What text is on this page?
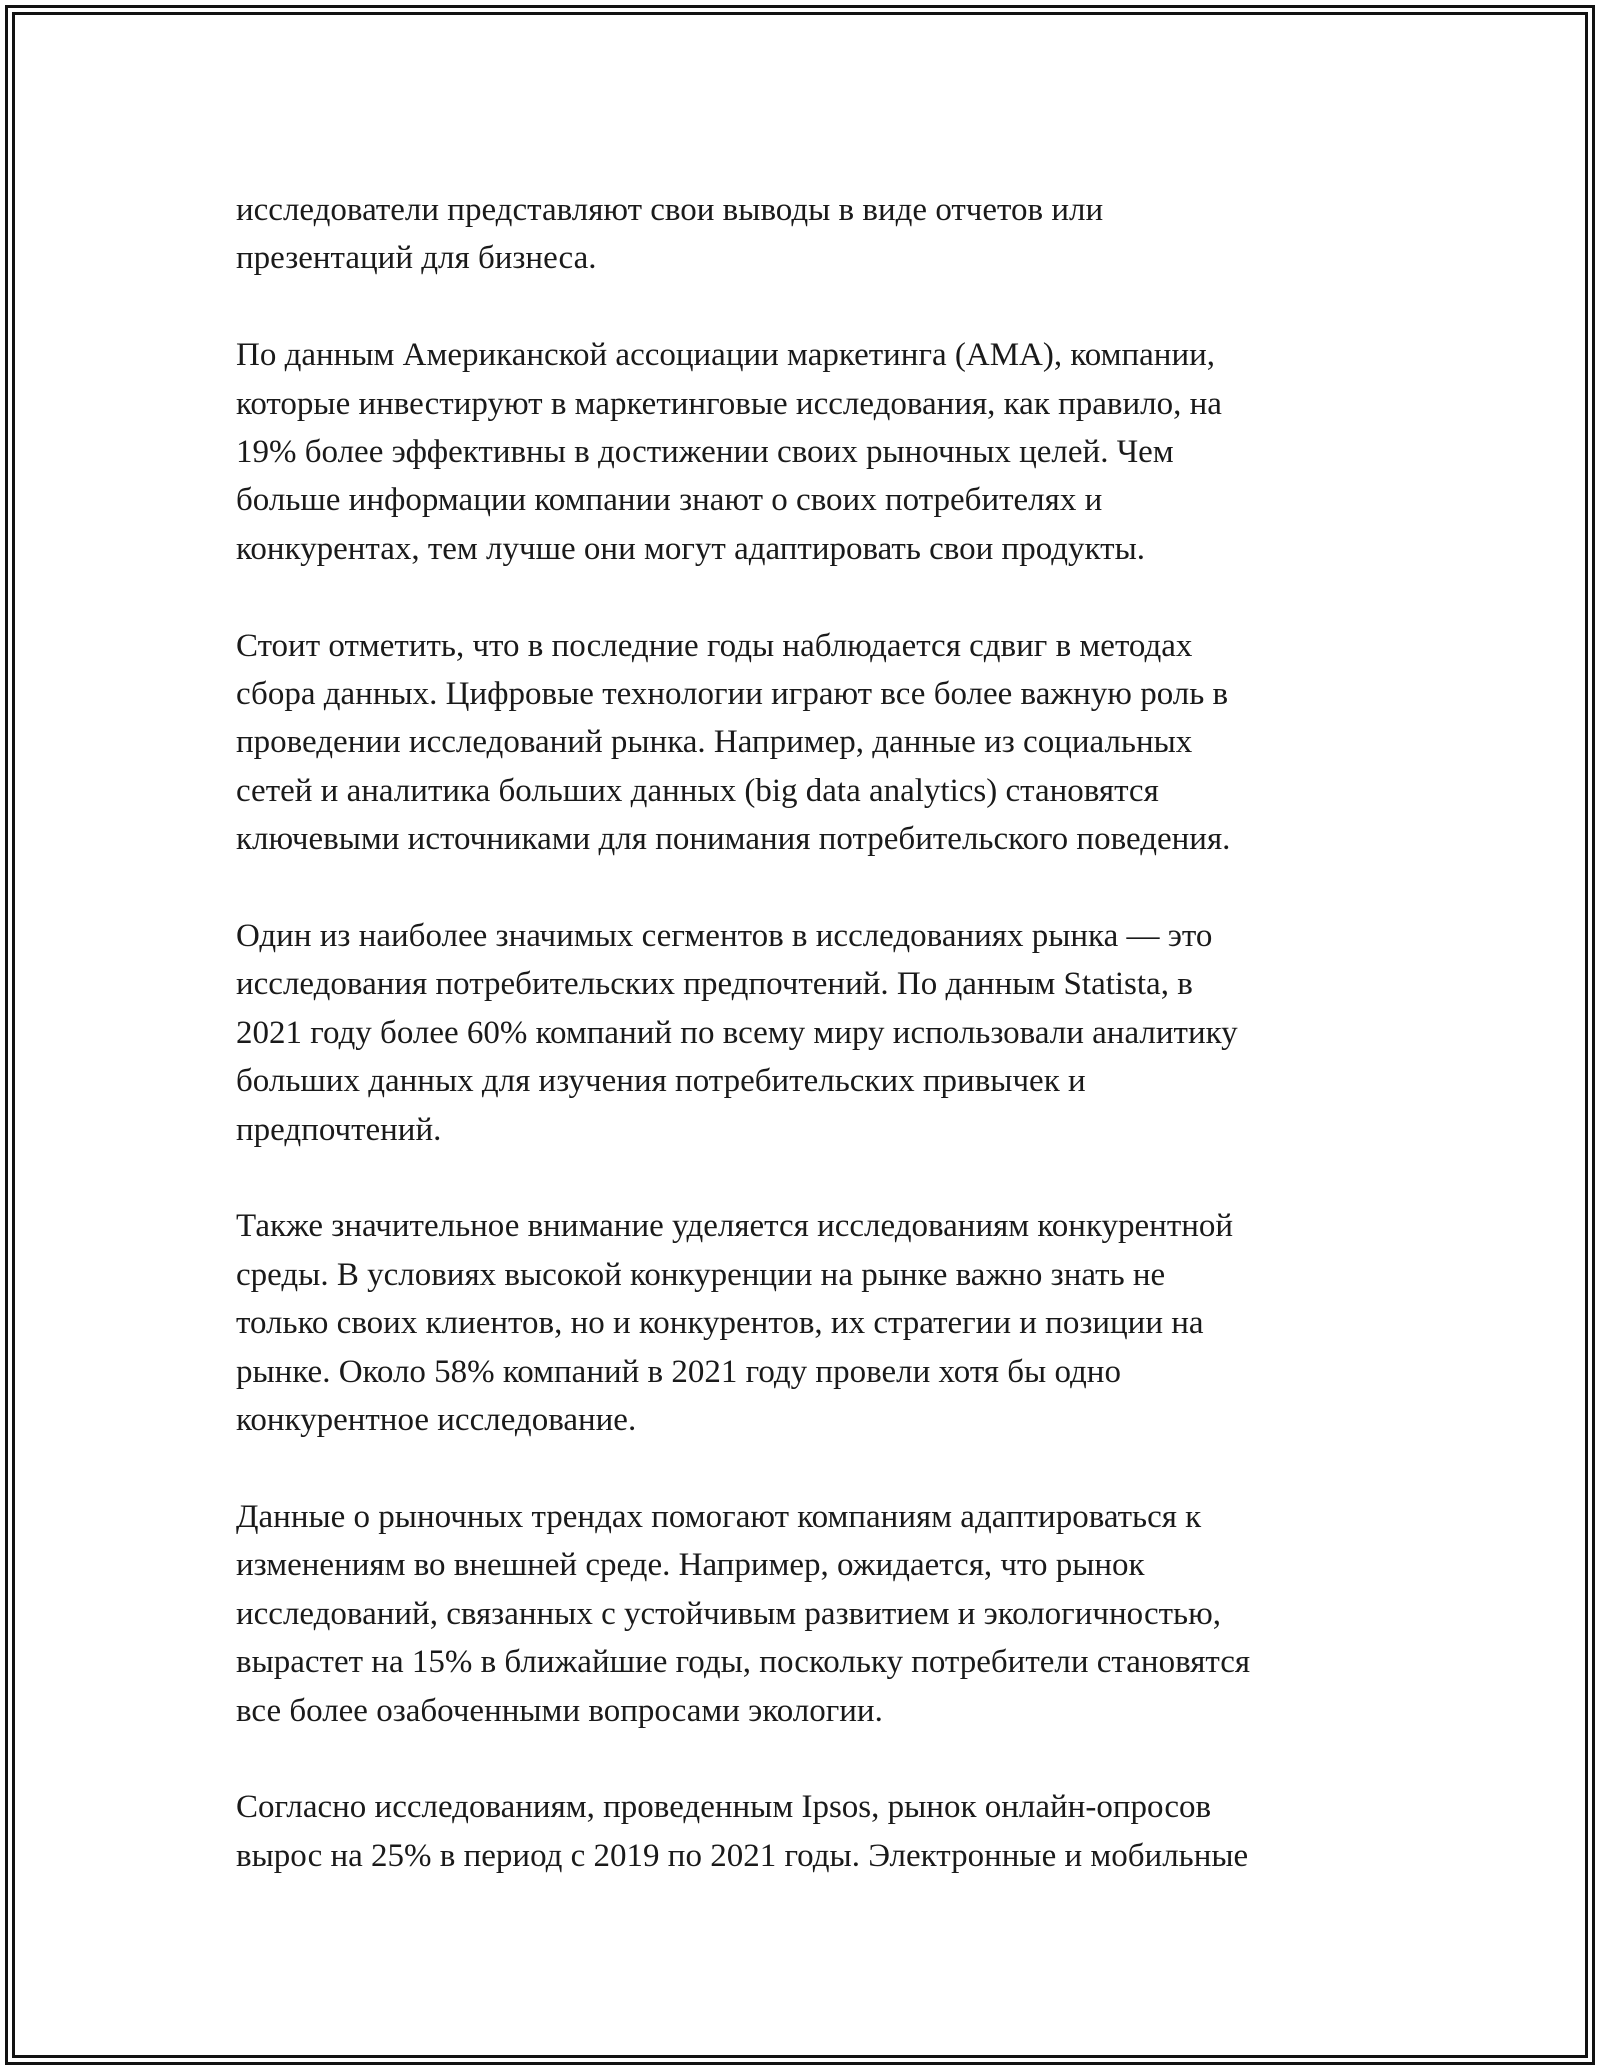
исследователи представляют свои выводы в виде отчетов или
презентаций для бизнеса.

По данным Американской ассоциации маркетинга (AMA), компании,
которые инвестируют в маркетинговые исследования, как правило, на
19% более эффективны в достижении своих рыночных целей. Чем
больше информации компании знают о своих потребителях и
конкурентах, тем лучше они могут адаптировать свои продукты.

Стоит отметить, что в последние годы наблюдается сдвиг в методах
сбора данных. Цифровые технологии играют все более важную роль в
проведении исследований рынка. Например, данные из социальных
сетей и аналитика больших данных (big data analytics) становятся
ключевыми источниками для понимания потребительского поведения.

Один из наиболее значимых сегментов в исследованиях рынка — это
исследования потребительских предпочтений. По данным Statista, в
2021 году более 60% компаний по всему миру использовали аналитику
больших данных для изучения потребительских привычек и
предпочтений.

Также значительное внимание уделяется исследованиям конкурентной
среды. В условиях высокой конкуренции на рынке важно знать не
только своих клиентов, но и конкурентов, их стратегии и позиции на
рынке. Около 58% компаний в 2021 году провели хотя бы одно
конкурентное исследование.

Данные о рыночных трендах помогают компаниям адаптироваться к
изменениям во внешней среде. Например, ожидается, что рынок
исследований, связанных с устойчивым развитием и экологичностью,
вырастет на 15% в ближайшие годы, поскольку потребители становятся
все более озабоченными вопросами экологии.

Согласно исследованиям, проведенным Ipsos, рынок онлайн-опросов
вырос на 25% в период с 2019 по 2021 годы. Электронные и мобильные
